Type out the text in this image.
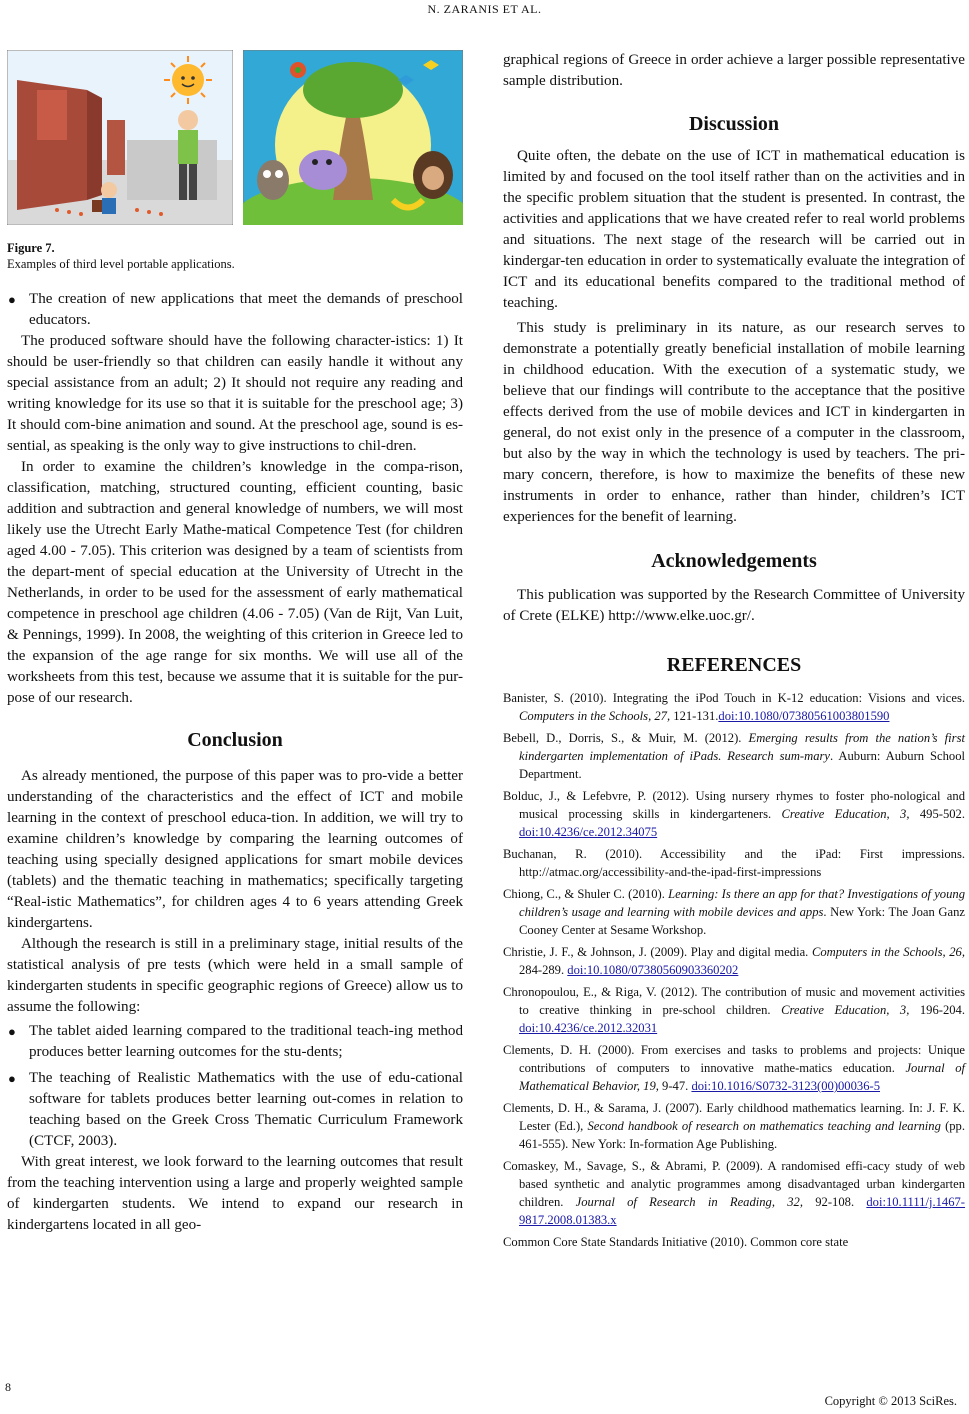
N. ZARANIS ET AL.
Figure 7.
Examples of third level portable applications.
● The creation of new applications that meet the demands of preschool educators.

The produced software should have the following character-istics: 1) It should be user-friendly so that children can easily handle it without any special assistance from an adult; 2) It should not require any reading and writing knowledge for its use so that it is suitable for the preschool age; 3) It should com-bine animation and sound. At the preschool age, sound is es-sential, as speaking is the only way to give instructions to chil-dren.

In order to examine the children’s knowledge in the compa-rison, classification, matching, structured counting, efficient counting, basic addition and subtraction and general knowledge of numbers, we will most likely use the Utrecht Early Mathe-matical Competence Test (for children aged 4.00 - 7.05). This criterion was designed by a team of scientists from the depart-ment of special education at the University of Utrecht in the Netherlands, in order to be used for the assessment of early mathematical competence in preschool age children (4.06 - 7.05) (Van de Rijt, Van Luit, & Pennings, 1999). In 2008, the weighting of this criterion in Greece led to the expansion of the age range for six months. We will use all of the worksheets from this test, because we assume that it is suitable for the pur-pose of our research.

Conclusion

As already mentioned, the purpose of this paper was to pro-vide a better understanding of the characteristics and the effect of ICT and mobile learning in the context of preschool educa-tion. In addition, we will try to examine children’s knowledge by comparing the learning outcomes of teaching using specially designed applications for smart mobile devices (tablets) and the thematic teaching in mathematics; specifically targeting “Real-istic Mathematics”, for children ages 4 to 6 years attending Greek kindergartens.

Although the research is still in a preliminary stage, initial results of the statistical analysis of pre tests (which were held in a small sample of kindergarten students in specific geographic regions of Greece) allow us to assume the following:

● The tablet aided learning compared to the traditional teach-ing method produces better learning outcomes for the stu-dents;
● The teaching of Realistic Mathematics with the use of edu-cational software for tablets produces better learning out-comes in relation to teaching based on the Greek Cross Thematic Curriculum Framework (CTCF, 2003).

With great interest, we look forward to the learning outcomes that result from the teaching intervention using a large and properly weighted sample of kindergarten students. We intend to expand our research in kindergartens located in all geo-

graphical regions of Greece in order achieve a larger possible representative sample distribution.

Discussion

Quite often, the debate on the use of ICT in mathematical education is limited by and focused on the tool itself rather than on the activities and in the specific problem situation that the student is presented. In contrast, the activities and applications that we have created refer to real world problems and situations. The next stage of the research will be carried out in kindergar-ten education in order to systematically evaluate the integration of ICT and its educational benefits compared to the traditional method of teaching.

This study is preliminary in its nature, as our research serves to demonstrate a potentially greatly beneficial installation of mobile learning in childhood education. With the execution of a systematic study, we believe that our findings will contribute to the acceptance that the positive effects derived from the use of mobile devices and ICT in kindergarten in general, do not exist only in the presence of a computer in the classroom, but also by the way in which the technology is used by teachers. The pri-mary concern, therefore, is how to maximize the benefits of these new instruments in order to enhance, rather than hinder, children’s ICT experiences for the benefit of learning.

Acknowledgements

This publication was supported by the Research Committee of University of Crete (ELKE) http://www.elke.uoc.gr/.

REFERENCES
Banister, S. (2010). Integrating the iPod Touch in K-12 education: Visions and vices. Computers in the Schools, 27, 121-131.doi:10.1080/07380561003801590
Bebell, D., Dorris, S., & Muir, M. (2012). Emerging results from the nation’s first kindergarten implementation of iPads. Research sum-mary. Auburn: Auburn School Department.
Bolduc, J., & Lefebvre, P. (2012). Using nursery rhymes to foster pho-nological and musical processing skills in kindergarteners. Creative Education, 3, 495-502. doi:10.4236/ce.2012.34075
Buchanan, R. (2010). Accessibility and the iPad: First impressions. http://atmac.org/accessibility-and-the-ipad-first-impressions
Chiong, C., & Shuler C. (2010). Learning: Is there an app for that? Investigations of young children’s usage and learning with mobile devices and apps. New York: The Joan Ganz Cooney Center at Sesame Workshop.
Christie, J. F., & Johnson, J. (2009). Play and digital media. Computers in the Schools, 26, 284-289. doi:10.1080/07380560903360202
Chronopoulou, E., & Riga, V. (2012). The contribution of music and movement activities to creative thinking in pre-school children. Creative Education, 3, 196-204. doi:10.4236/ce.2012.32031
Clements, D. H. (2000). From exercises and tasks to problems and projects: Unique contributions of computers to innovative mathe-matics education. Journal of Mathematical Behavior, 19, 9-47. doi:10.1016/S0732-3123(00)00036-5
Clements, D. H., & Sarama, J. (2007). Early childhood mathematics learning. In: J. F. K. Lester (Ed.), Second handbook of research on mathematics teaching and learning (pp. 461-555). New York: In-formation Age Publishing.
Comaskey, M., Savage, S., & Abrami, P. (2009). A randomised effi-cacy study of web based synthetic and analytic programmes among disadvantaged urban kindergarten children. Journal of Research in Reading, 32, 92-108. doi:10.1111/j.1467-9817.2008.01383.x
Common Core State Standards Initiative (2010). Common core state
8
Copyright © 2013 SciRes.
